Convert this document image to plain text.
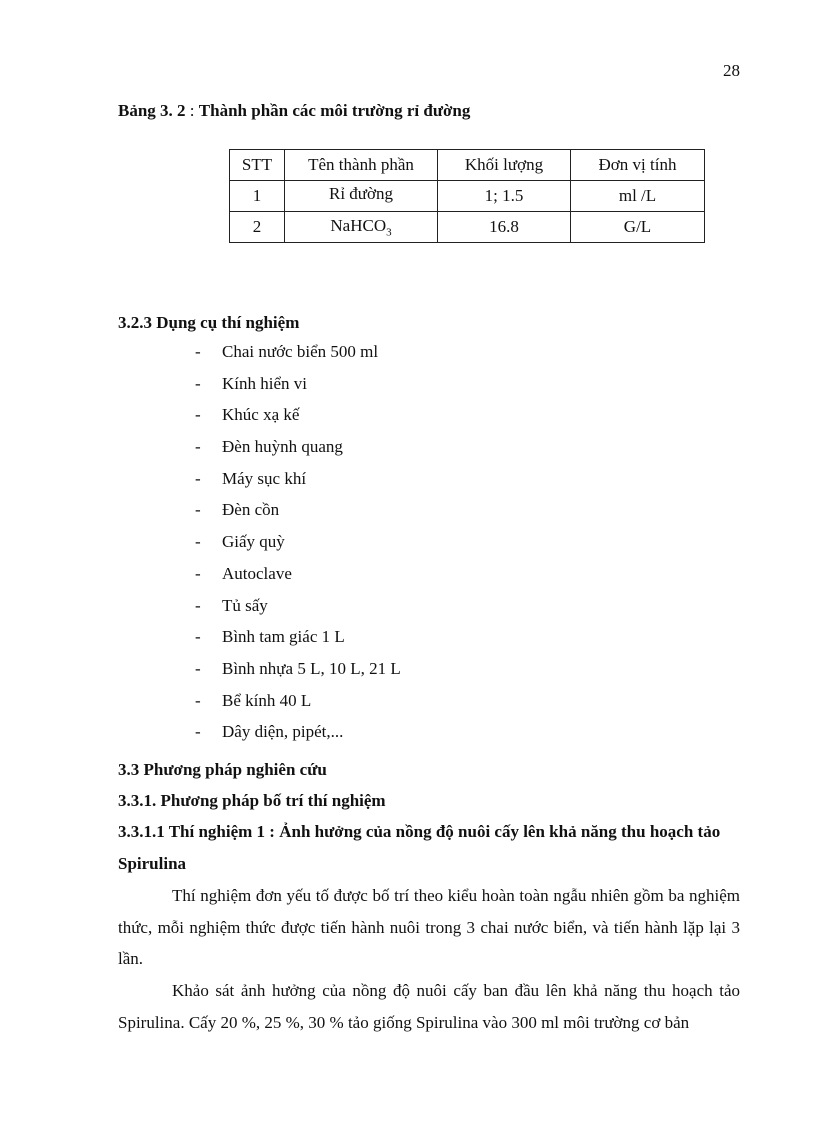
28
Bảng 3. 2 : Thành phần các môi trường rỉ đường
STT	Tên thành phần	Khối lượng	Đơn vị tính
1	Rỉ đường	1; 1.5	ml /L
2	NaHCO$_3$	16.8	G/L
3.2.3 Dụng cụ thí nghiệm
- Chai nước biển 500 ml
- Kính hiển vi
- Khúc xạ kế
- Đèn huỳnh quang
- Máy sục khí
- Đèn cồn
- Giấy quỳ
- Autoclave
- Tủ sấy
- Bình tam giác 1 L
- Bình nhựa 5 L, 10 L, 21 L
- Bể kính 40 L
- Dây diện, pipét,...
3.3 Phương pháp nghiên cứu
3.3.1. Phương pháp bố trí thí nghiệm
3.3.1.1 Thí nghiệm 1 : Ảnh hưởng của nồng độ nuôi cấy lên khả năng thu hoạch tảo Spirulina
Thí nghiệm đơn yếu tố được bố trí theo kiểu hoàn toàn ngẫu nhiên gồm ba nghiệm thức, mỗi nghiệm thức được tiến hành nuôi trong 3 chai nước biển, và tiến hành lặp lại 3 lần.
Khảo sát ảnh hưởng của nồng độ nuôi cấy ban đầu lên khả năng thu hoạch tảo Spirulina. Cấy 20 %, 25 %, 30 % tảo giống Spirulina vào 300 ml môi trường cơ bản
